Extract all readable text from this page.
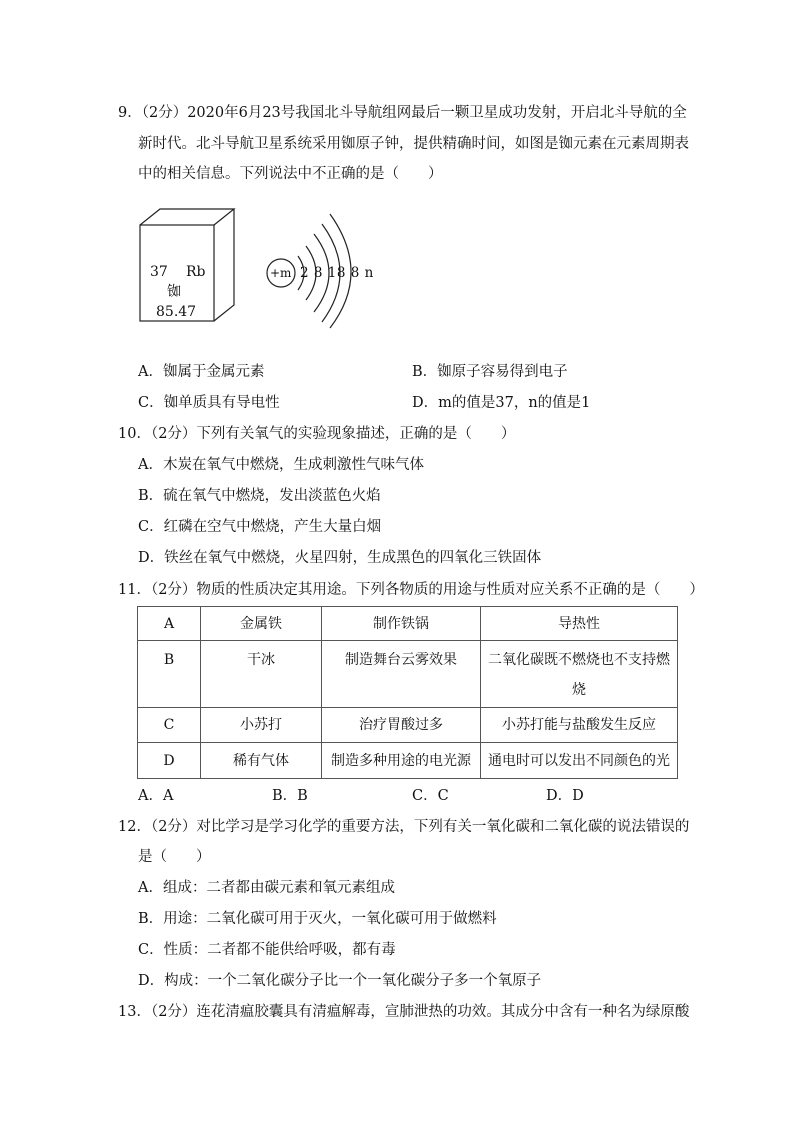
9．（2分）2020年6月23号我国北斗导航组网最后一颗卫星成功发射，开启北斗导航的全
新时代。北斗导航卫星系统采用铷原子钟，提供精确时间，如图是铷元素在元素周期表
中的相关信息。下列说法中不正确的是（　　）
37 Rb
铷
85.47
+m 2 8 18 8 n
A．铷属于金属元素	B．铷原子容易得到电子
C．铷单质具有导电性	D．m的值是37，n的值是1
10．（2分）下列有关氧气的实验现象描述，正确的是（　　）
A．木炭在氧气中燃烧，生成刺激性气味气体
B．硫在氧气中燃烧，发出淡蓝色火焰
C．红磷在空气中燃烧，产生大量白烟
D．铁丝在氧气中燃烧，火星四射，生成黑色的四氧化三铁固体
11．（2分）物质的性质决定其用途。下列各物质的用途与性质对应关系不正确的是（　　）
A	金属铁	制作铁锅	导热性
B	干冰	制造舞台云雾效果	二氧化碳既不燃烧也不支持燃烧
C	小苏打	治疗胃酸过多	小苏打能与盐酸发生反应
D	稀有气体	制造多种用途的电光源	通电时可以发出不同颜色的光
A．A	B．B	C．C	D．D
12．（2分）对比学习是学习化学的重要方法，下列有关一氧化碳和二氧化碳的说法错误的
是（　　）
A．组成：二者都由碳元素和氧元素组成
B．用途：二氧化碳可用于灭火，一氧化碳可用于做燃料
C．性质：二者都不能供给呼吸，都有毒
D．构成：一个二氧化碳分子比一个一氧化碳分子多一个氧原子
13．（2分）连花清瘟胶囊具有清瘟解毒，宣肺泄热的功效。其成分中含有一种名为绿原酸
